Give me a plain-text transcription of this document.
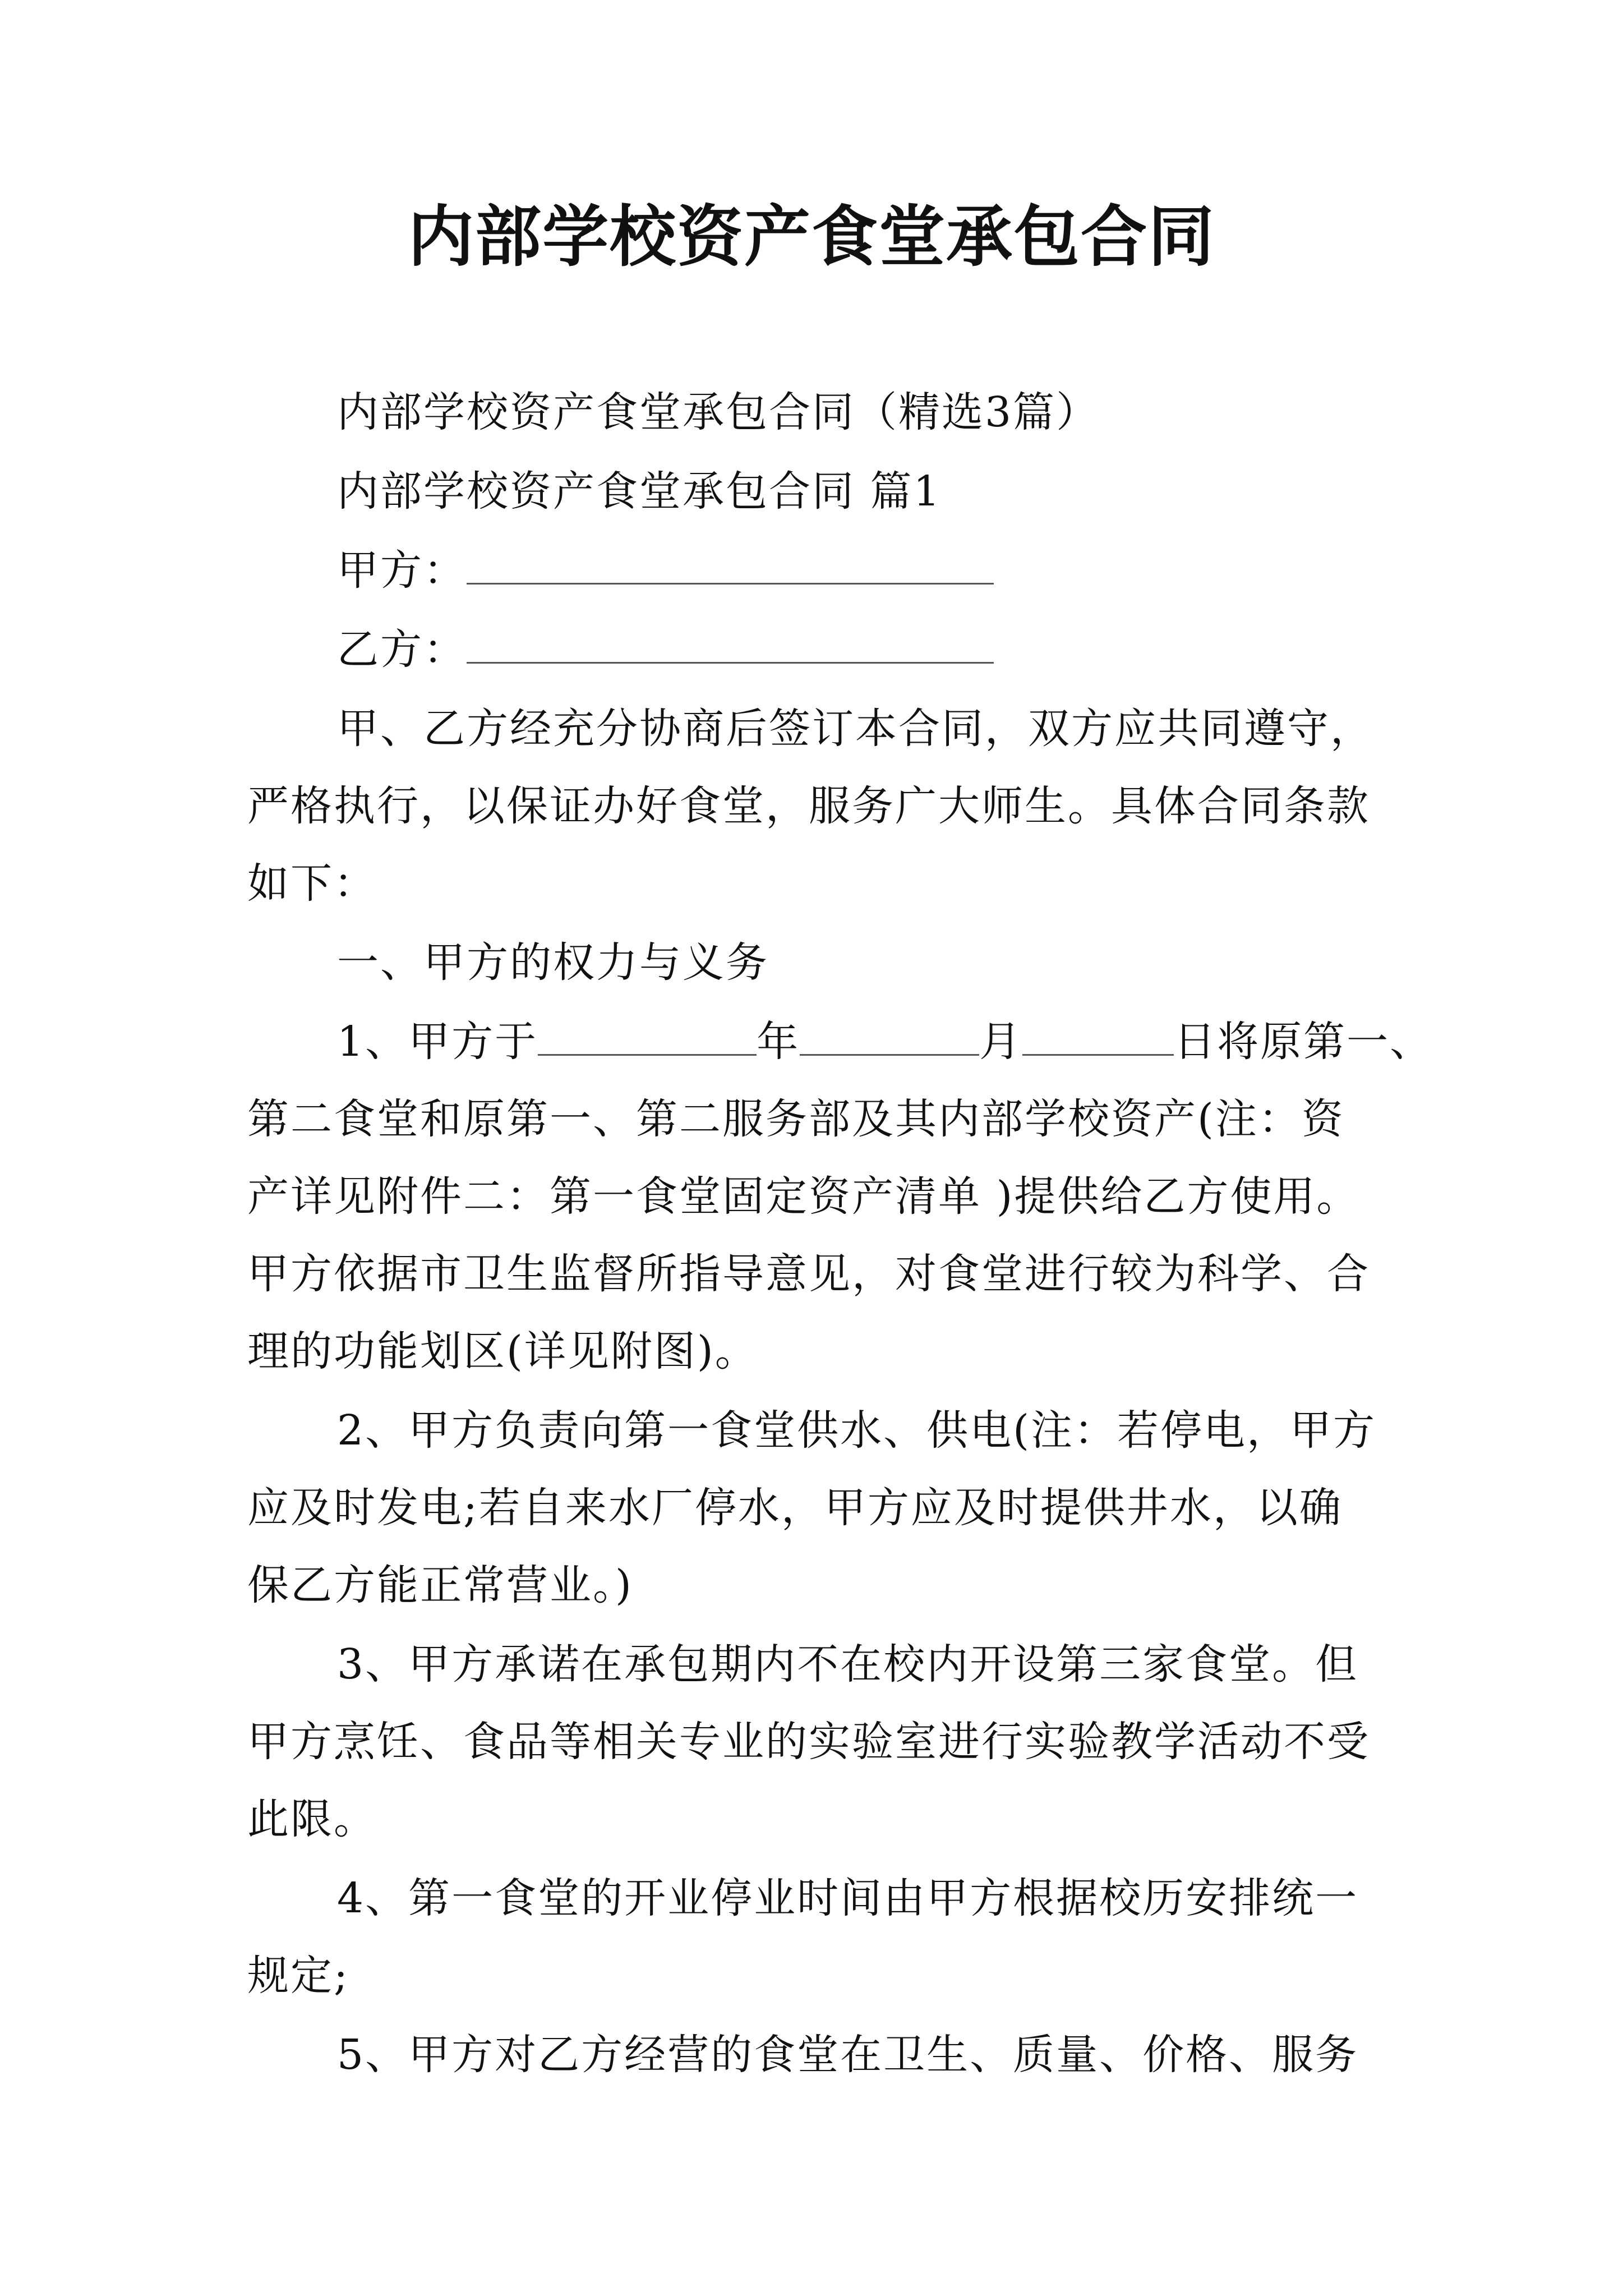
内部学校资产食堂承包合同
内部学校资产食堂承包合同（精选3篇）
内部学校资产食堂承包合同 篇1
甲方：
乙方：
甲、乙方经充分协商后签订本合同，双方应共同遵守，
严格执行，以保证办好食堂，服务广大师生。具体合同条款
如下：
一、甲方的权力与义务
1、甲方于	年	月	日将原第一、
第二食堂和原第一、第二服务部及其内部学校资产(注：资
产详见附件二：第一食堂固定资产清单 )提供给乙方使用。
甲方依据市卫生监督所指导意见，对食堂进行较为科学、合
理的功能划区(详见附图)。
2、甲方负责向第一食堂供水、供电(注：若停电，甲方
应及时发电;若自来水厂停水，甲方应及时提供井水，以确
保乙方能正常营业。)
3、甲方承诺在承包期内不在校内开设第三家食堂。但
甲方烹饪、食品等相关专业的实验室进行实验教学活动不受
此限。
4、第一食堂的开业停业时间由甲方根据校历安排统一
规定;
5、甲方对乙方经营的食堂在卫生、质量、价格、服务
